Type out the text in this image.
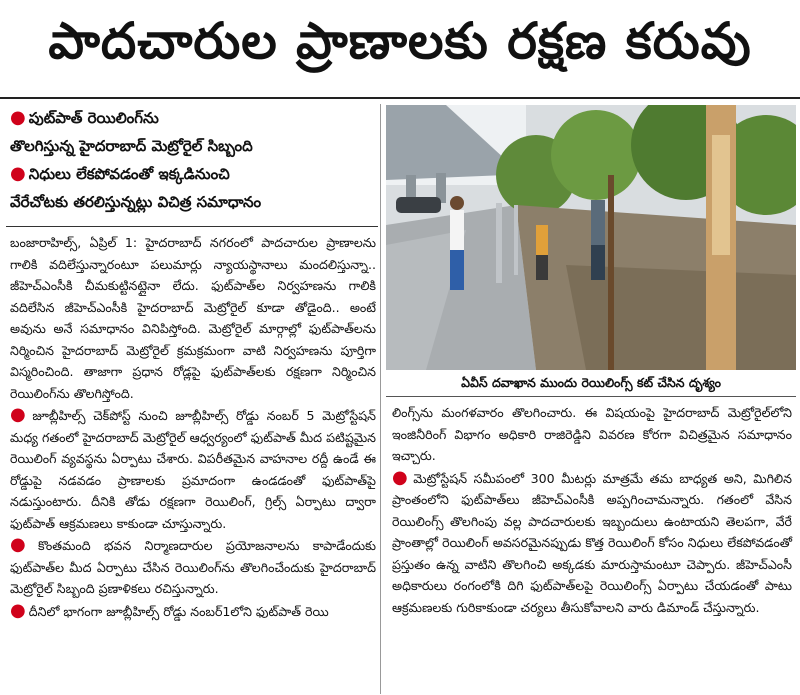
పాదచారుల ప్రాణాలకు రక్షణ కరువు
● పుట్‌పాత్ రెయిలింగ్‌ను
తొలగిస్తున్న హైదరాబాద్ మెట్రోరైల్ సిబ్బంది
● నిధులు లేకపోవడంతో ఇక్కడినుంచి
వేరేచోటకు తరలిస్తున్నట్లు విచిత్ర సమాధానం

బంజారాహిల్స్, ఏప్రిల్ 1: హైదరాబాద్ నగరంలో పాదచారుల ప్రాణాలను గాలికి వదిలేస్తున్నారంటూ పలుమార్లు న్యాయస్థానాలు మందలిస్తున్నా.. జీహెచ్‌ఎంసీకి చీమకుట్టినట్లైనా లేదు. ఫుట్‌పాత్‌ల నిర్వహణను గాలికి వదిలేసిన జీహెచ్‌ఎంసీకి హైదరాబాద్ మెట్రోరైల్ కూడా తోడైంది.. అంటే అవును అనే సమాధానం వినిపిస్తోంది. మెట్రోరైల్ మార్గాల్లో ఫుట్‌పాత్‌లను నిర్మించిన హైదరాబాద్ మెట్రోరైల్ క్రమక్రమంగా వాటి నిర్వహణను పూర్తిగా విస్మరించింది. తాజాగా ప్రధాన రోడ్లపై ఫుట్‌పాత్‌లకు రక్షణగా నిర్మించిన రెయిలింగ్‌ను తొలగిస్తోంది.

● జూబ్లీహిల్స్ చెక్‌పోస్ట్ నుంచి జూబ్లీహిల్స్ రోడ్డు నంబర్ 5 మెట్రోస్టేషన్ మధ్య గతంలో హైదరాబాద్ మెట్రోరైల్ ఆధ్వర్యంలో ఫుట్‌పాత్ మీద పటిష్టమైన రెయిలింగ్ వ్యవస్థను ఏర్పాటు చేశారు. విపరీతమైన వాహనాల రద్దీ ఉండే ఈ రోడ్డుపై నడవడం ప్రాణాలకు ప్రమాదంగా ఉండడంతో ఫుట్‌పాత్‌పై నడుస్తుంటారు. దీనికి తోడు రక్షణగా రెయిలింగ్, గ్రిల్స్ ఏర్పాటు ద్వారా ఫుట్‌పాత్ ఆక్రమణలు కాకుండా చూస్తున్నారు.

● కొంతమంది భవన నిర్మాణదారుల ప్రయోజనాలను కాపాడేందుకు ఫుట్‌పాత్‌ల మీద ఏర్పాటు చేసిన రెయిలింగ్‌ను తొలగించేందుకు హైదరాబాద్ మెట్రోరైల్ సిబ్బంది ప్రణాళికలు రచిస్తున్నారు.

● దీనిలో భాగంగా జూబ్లీహిల్స్ రోడ్డు నంబర్1లోని ఫుట్‌పాత్ రెయి

ఏవీస్ దవాఖాన ముందు రెయిలింగ్స్ కట్ చేసిన దృశ్యం

లింగ్స్‌ను మంగళవారం తొలగించారు. ఈ విషయంపై హైదరాబాద్ మెట్రోరైల్‌లోని ఇంజినీరింగ్ విభాగం అధికారి రాజిరెడ్డిని వివరణ కోరగా విచిత్రమైన సమాధానం ఇచ్చారు.

● మెట్రోస్టేషన్ సమీపంలో 300 మీటర్లు మాత్రమే తమ బాధ్యత అని, మిగిలిన ప్రాంతంలోని ఫుట్‌పాత్‌లు జీహెచ్‌ఎంసీకి అప్పగించామన్నారు. గతంలో వేసిన రెయిలింగ్స్ తొలగింపు వల్ల పాదచారులకు ఇబ్బందులు ఉంటాయని తెలపగా, వేరే ప్రాంతాల్లో రెయిలింగ్ అవసరమైనప్పుడు కొత్త రెయిలింగ్ కోసం నిధులు లేకపోవడంతో ప్రస్తుతం ఉన్న వాటిని తొలగించి అక్కడకు మారుస్తామంటూ చెప్పారు. జీహెచ్‌ఎంసీ అధికారులు రంగంలోకి దిగి ఫుట్‌పాత్‌లపై రెయిలింగ్స్ ఏర్పాటు చేయడంతో పాటు ఆక్రమణలకు గురికాకుండా చర్యలు తీసుకోవాలని వారు డిమాండ్ చేస్తున్నారు.
